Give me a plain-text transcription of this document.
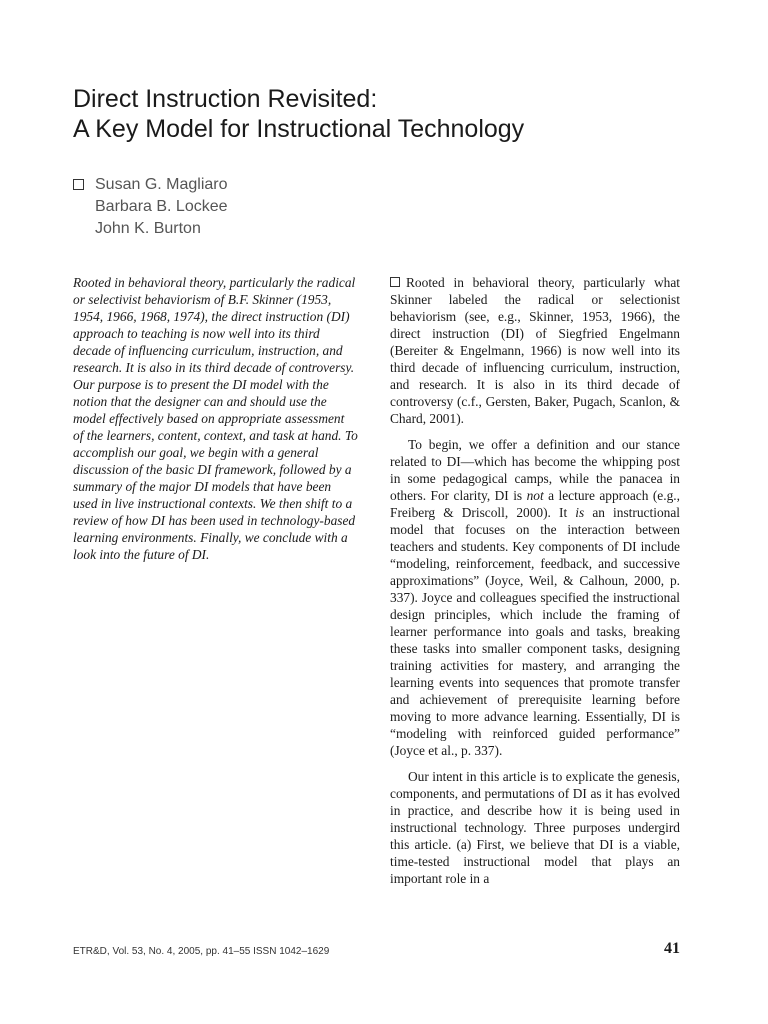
Direct Instruction Revisited:
A Key Model for Instructional Technology
Susan G. Magliaro
Barbara B. Lockee
John K. Burton

Rooted in behavioral theory, particularly the radical or selectivist behaviorism of B.F. Skinner (1953, 1954, 1966, 1968, 1974), the direct instruction (DI) approach to teaching is now well into its third decade of influencing curriculum, instruction, and research. It is also in its third decade of controversy. Our purpose is to present the DI model with the notion that the designer can and should use the model effectively based on appropriate assessment of the learners, content, context, and task at hand. To accomplish our goal, we begin with a general discussion of the basic DI framework, followed by a summary of the major DI models that have been used in live instructional contexts. We then shift to a review of how DI has been used in technology-based learning environments. Finally, we conclude with a look into the future of DI.

Rooted in behavioral theory, particularly what Skinner labeled the radical or selectionist behaviorism (see, e.g., Skinner, 1953, 1966), the direct instruction (DI) of Siegfried Engelmann (Bereiter & Engelmann, 1966) is now well into its third decade of influencing curriculum, instruction, and research. It is also in its third decade of controversy (c.f., Gersten, Baker, Pugach, Scanlon, & Chard, 2001).

To begin, we offer a definition and our stance related to DI—which has become the whipping post in some pedagogical camps, while the panacea in others. For clarity, DI is not a lecture approach (e.g., Freiberg & Driscoll, 2000). It is an instructional model that focuses on the interaction between teachers and students. Key components of DI include “modeling, reinforcement, feedback, and successive approximations” (Joyce, Weil, & Calhoun, 2000, p. 337). Joyce and colleagues specified the instructional design principles, which include the framing of learner performance into goals and tasks, breaking these tasks into smaller component tasks, designing training activities for mastery, and arranging the learning events into sequences that promote transfer and achievement of prerequisite learning before moving to more advance learning. Essentially, DI is “modeling with reinforced guided performance” (Joyce et al., p. 337).

Our intent in this article is to explicate the genesis, components, and permutations of DI as it has evolved in practice, and describe how it is being used in instructional technology. Three purposes undergird this article. (a) First, we believe that DI is a viable, time-tested instructional model that plays an important role in a

ETR&D, Vol. 53, No. 4, 2005, pp. 41–55 ISSN 1042–1629	41
